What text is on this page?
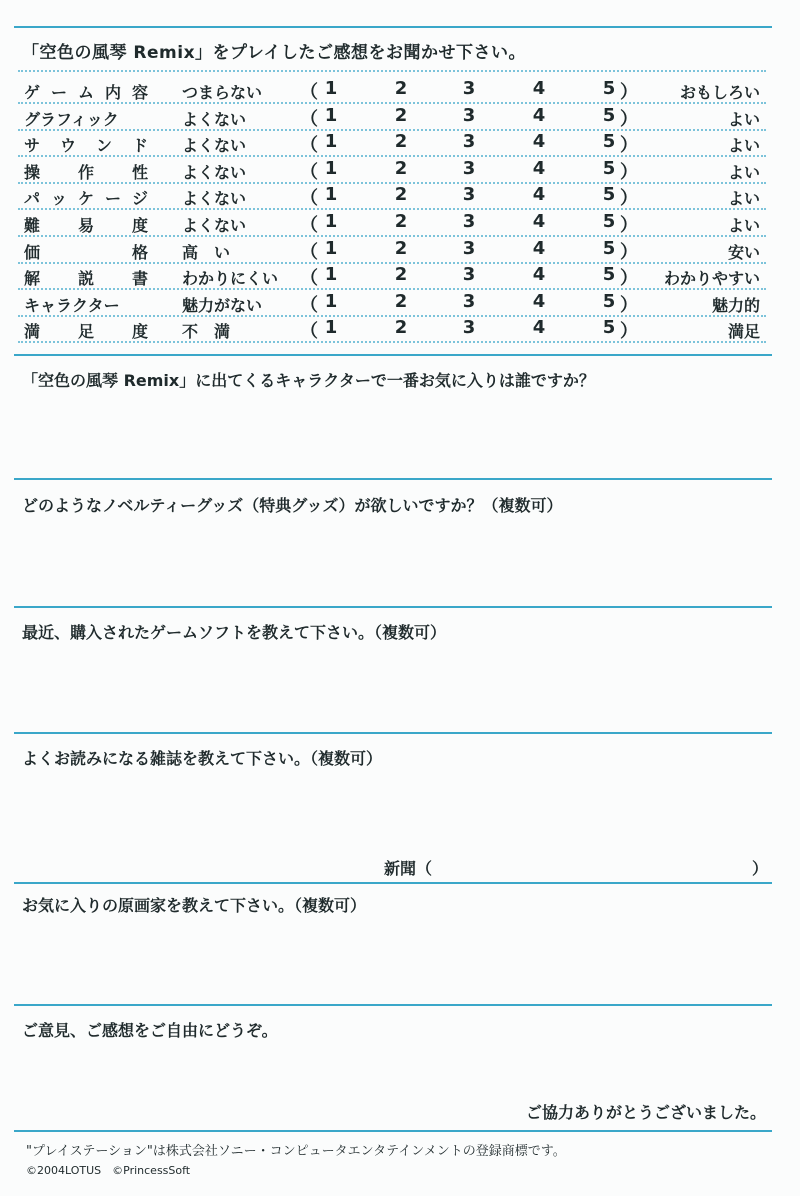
「空色の風琴 Remix」をプレイしたご感想をお聞かせ下さい。
ゲ ー ム 内 容 つまらない （ 1	2	3	4	5 ）	おもしろい
グラフィック	よくない	（ 1	2	3	4	5 ）	よい
サ ウ ン ド よくない	（ 1	2	3	4	5 ）	よい
操 作 性 よくない	（ 1	2	3	4	5 ）	よい
パ ッ ケ ー ジ よくない	（ 1	2	3	4	5 ）	よい
難 易 度 よくない	（ 1	2	3	4	5 ）	よい
価	格 高　い	（ 1	2	3	4	5 ）	安い
解 説 書 わかりにくい （ 1	2	3	4	5 ） わかりやすい
キャラクター	魅力がない （ 1	2	3	4	5 ）	魅力的
満 足 度 不　満	（ 1	2	3	4	5 ）	満足
「空色の風琴 Remix」に出てくるキャラクターで一番お気に入りは誰ですか？
どのようなノベルティーグッズ（特典グッズ）が欲しいですか？（複数可）
最近、購入されたゲームソフトを教えて下さい。（複数可）
よくお読みになる雑誌を教えて下さい。（複数可）
新聞（	）
お気に入りの原画家を教えて下さい。（複数可）
ご意見、ご感想をご自由にどうぞ。
ご協力ありがとうございました。
"プレイステーション"は株式会社ソニー・コンピュータエンタテインメントの登録商標です。
©2004LOTUS　©PrincessSoft
